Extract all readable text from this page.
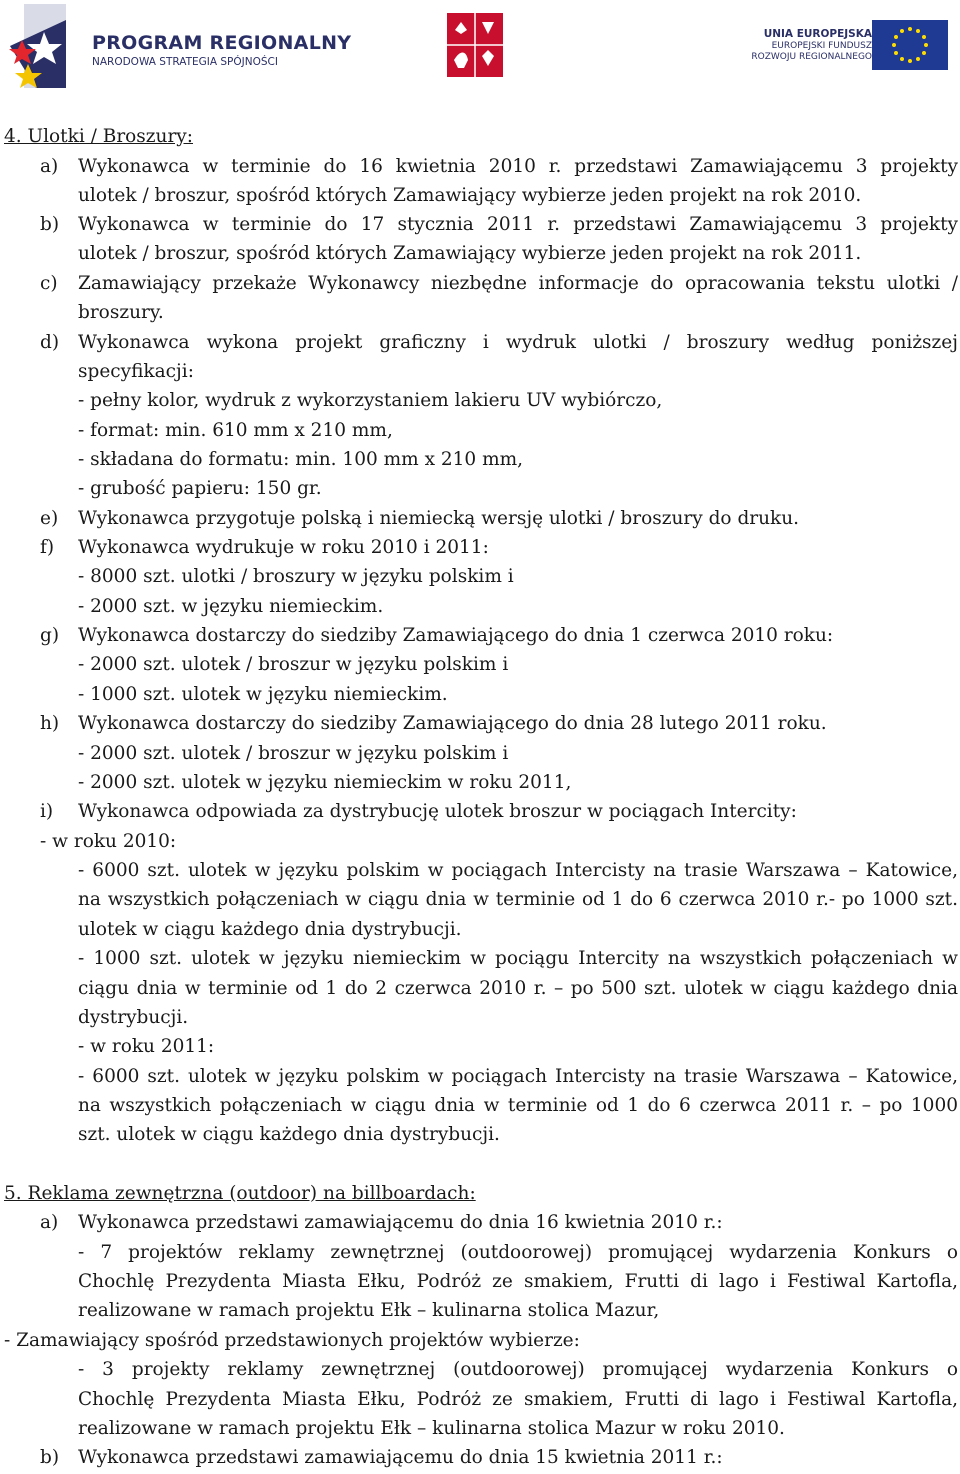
PROGRAM REGIONALNY
NARODOWA STRATEGIA SPÓJNOŚCI
UNIA EUROPEJSKA
EUROPEJSKI FUNDUSZ
ROZWOJU REGIONALNEGO
4. Ulotki / Broszury:
a) Wykonawca w terminie do 16 kwietnia 2010 r. przedstawi Zamawiającemu 3 projekty
ulotek / broszur, spośród których Zamawiający wybierze jeden projekt na rok 2010.
b) Wykonawca w terminie do 17 stycznia 2011 r. przedstawi Zamawiającemu 3 projekty
ulotek / broszur, spośród których Zamawiający wybierze jeden projekt na rok 2011.
c) Zamawiający przekaże Wykonawcy niezbędne informacje do opracowania tekstu ulotki /
broszury.
d) Wykonawca wykona projekt graficzny i wydruk ulotki / broszury według poniższej
specyfikacji:
- pełny kolor, wydruk z wykorzystaniem lakieru UV wybiórczo,
- format: min. 610 mm x 210 mm,
- składana do formatu: min. 100 mm x 210 mm,
- grubość papieru: 150 gr.
e) Wykonawca przygotuje polską i niemiecką wersję ulotki / broszury do druku.
f) Wykonawca wydrukuje w roku 2010 i 2011:
- 8000 szt. ulotki / broszury w języku polskim i
- 2000 szt. w języku niemieckim.
g) Wykonawca dostarczy do siedziby Zamawiającego do dnia 1 czerwca 2010 roku:
- 2000 szt. ulotek / broszur w języku polskim i
- 1000 szt. ulotek w języku niemieckim.
h) Wykonawca dostarczy do siedziby Zamawiającego do dnia 28 lutego 2011 roku.
- 2000 szt. ulotek / broszur w języku polskim i
- 2000 szt. ulotek w języku niemieckim w roku 2011,
i) Wykonawca odpowiada za dystrybucję ulotek broszur w pociągach Intercity:
- w roku 2010:
- 6000 szt. ulotek w języku polskim w pociągach Intercisty na trasie Warszawa – Katowice,
na wszystkich połączeniach w ciągu dnia w terminie od 1 do 6 czerwca 2010 r.- po 1000 szt.
ulotek w ciągu każdego dnia dystrybucji.
- 1000 szt. ulotek w języku niemieckim w pociągu Intercity na wszystkich połączeniach w
ciągu dnia w terminie od 1 do 2 czerwca 2010 r. – po 500 szt. ulotek w ciągu każdego dnia
dystrybucji.
- w roku 2011:
- 6000 szt. ulotek w języku polskim w pociągach Intercisty na trasie Warszawa – Katowice,
na wszystkich połączeniach w ciągu dnia w terminie od 1 do 6 czerwca 2011 r. – po 1000
szt. ulotek w ciągu każdego dnia dystrybucji.
5. Reklama zewnętrzna (outdoor) na billboardach:
a) Wykonawca przedstawi zamawiającemu do dnia 16 kwietnia 2010 r.:
- 7 projektów reklamy zewnętrznej (outdoorowej) promującej wydarzenia Konkurs o
Chochlę Prezydenta Miasta Ełku, Podróż ze smakiem, Frutti di lago i Festiwal Kartofla,
realizowane w ramach projektu Ełk – kulinarna stolica Mazur,
- Zamawiający spośród przedstawionych projektów wybierze:
- 3 projekty reklamy zewnętrznej (outdoorowej) promującej wydarzenia Konkurs o
Chochlę Prezydenta Miasta Ełku, Podróż ze smakiem, Frutti di lago i Festiwal Kartofla,
realizowane w ramach projektu Ełk – kulinarna stolica Mazur w roku 2010.
b) Wykonawca przedstawi zamawiającemu do dnia 15 kwietnia 2011 r.:
